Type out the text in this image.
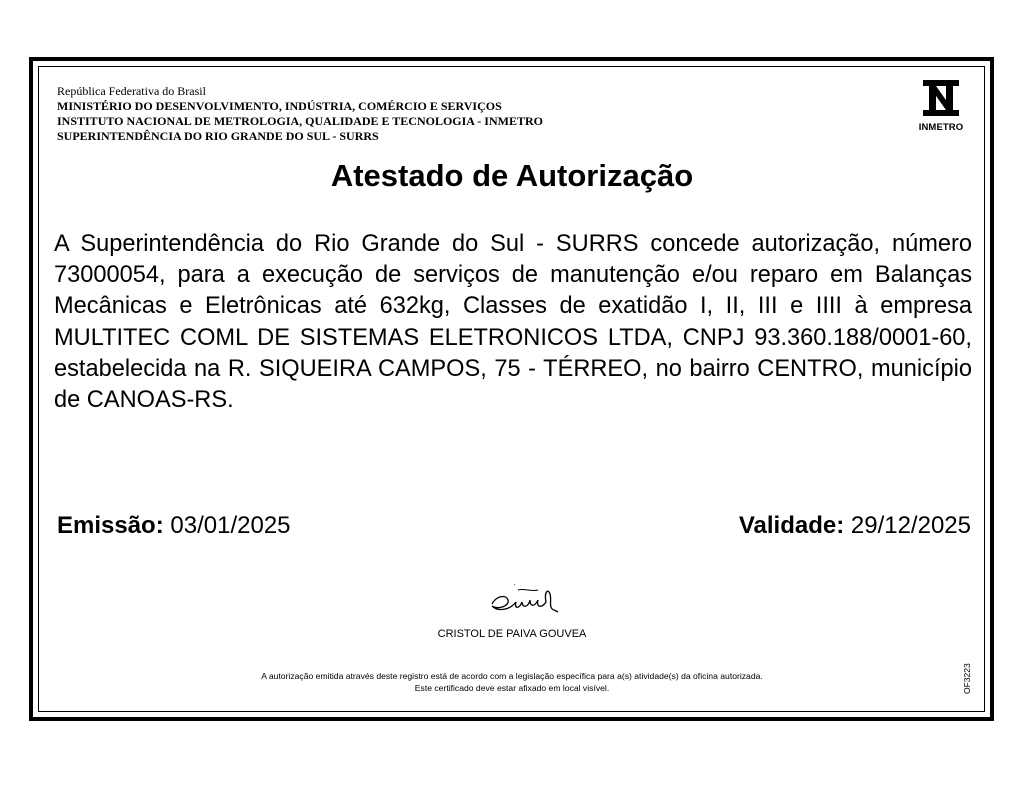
República Federativa do Brasil
MINISTÉRIO DO DESENVOLVIMENTO, INDÚSTRIA, COMÉRCIO E SERVIÇOS
INSTITUTO NACIONAL DE METROLOGIA, QUALIDADE E TECNOLOGIA - INMETRO
SUPERINTENDÊNCIA DO RIO GRANDE DO SUL - SURRS
INMETRO
Atestado de Autorização
A Superintendência do Rio Grande do Sul - SURRS concede autorização, número 73000054, para a execução de serviços de manutenção e/ou reparo em Balanças Mecânicas e Eletrônicas até 632kg, Classes de exatidão I, II, III e IIII à empresa MULTITEC COML DE SISTEMAS ELETRONICOS LTDA, CNPJ 93.360.188/0001-60, estabelecida na R. SIQUEIRA CAMPOS, 75 - TÉRREO, no bairro CENTRO, município de CANOAS-RS.
Emissão: 03/01/2025	Validade: 29/12/2025
CRISTOL DE PAIVA GOUVEA
A autorização emitida através deste registro está de acordo com a legislação específica para a(s) atividade(s) da oficina autorizada.
Este certificado deve estar afixado em local visível.	OF3223
